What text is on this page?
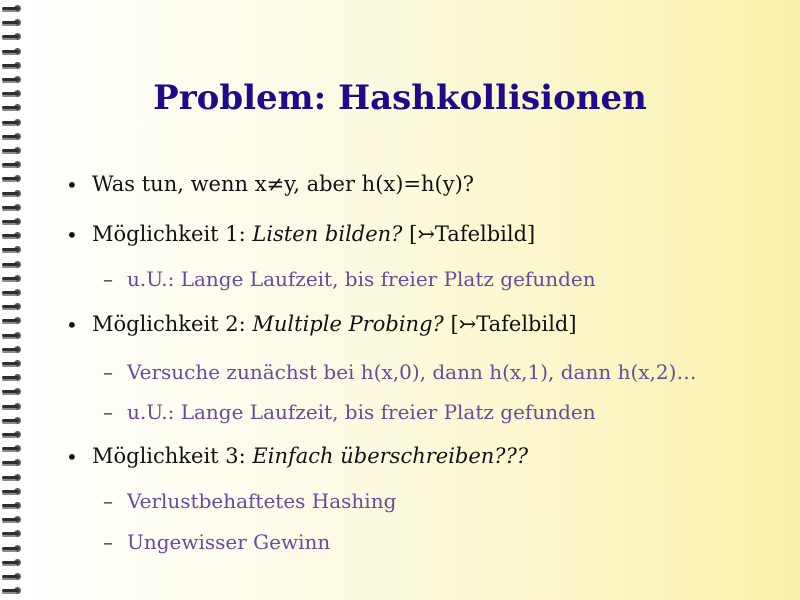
Problem: Hashkollisionen
• Was tun, wenn x≠y, aber h(x)=h(y)?
• Möglichkeit 1: Listen bilden? [↣Tafelbild]
– u.U.: Lange Laufzeit, bis freier Platz gefunden
• Möglichkeit 2: Multiple Probing? [↣Tafelbild]
– Versuche zunächst bei h(x,0), dann h(x,1), dann h(x,2)…
– u.U.: Lange Laufzeit, bis freier Platz gefunden
• Möglichkeit 3: Einfach überschreiben???
– Verlustbehaftetes Hashing
– Ungewisser Gewinn
